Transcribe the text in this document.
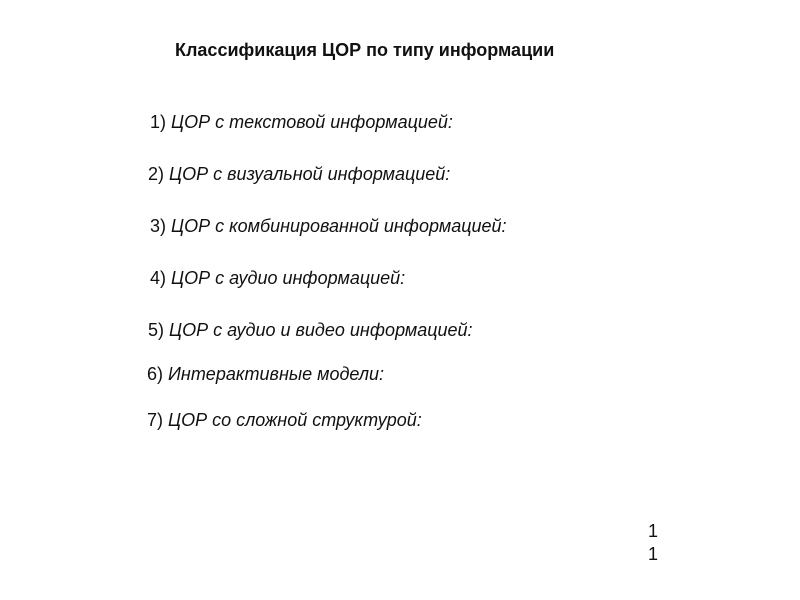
Классификация ЦОР по типу информации
1) ЦОР с текстовой информацией:
2) ЦОР с визуальной информацией:
3) ЦОР с комбинированной информацией:
4) ЦОР с аудио информацией:
5) ЦОР с аудио и видео информацией:
6) Интерактивные модели:
7) ЦОР со сложной структурой:
1
1
